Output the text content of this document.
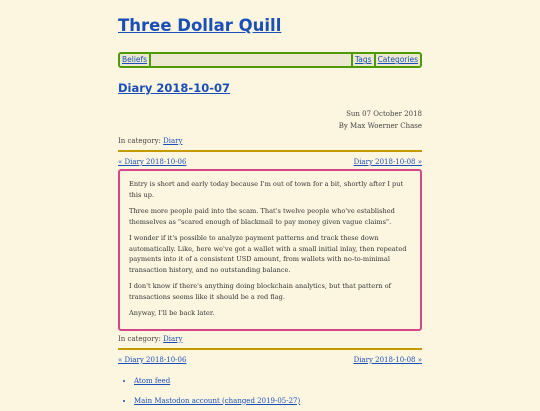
Three Dollar Quill
Beliefs	Tags Categories
Diary 2018-10-07
Sun 07 October 2018
By Max Woerner Chase
In category: Diary
« Diary 2018-10-06	Diary 2018-10-08 »

Entry is short and early today because I'm out of town for a bit, shortly after I put this up.

Three more people paid into the scam. That's twelve people who've established themselves as "scared enough of blackmail to pay money given vague claims".

I wonder if it's possible to analyze payment patterns and track these down automatically. Like, here we've got a wallet with a small initial inlay, then repeated payments into it of a consistent USD amount, from wallets with no-to-minimal transaction history, and no outstanding balance.

I don't know if there's anything doing blockchain analytics, but that pattern of transactions seems like it should be a red flag.

Anyway, I'll be back later.

In category: Diary
« Diary 2018-10-06	Diary 2018-10-08 »
• Atom feed
• Main Mastodon account (changed 2019-05-27)
